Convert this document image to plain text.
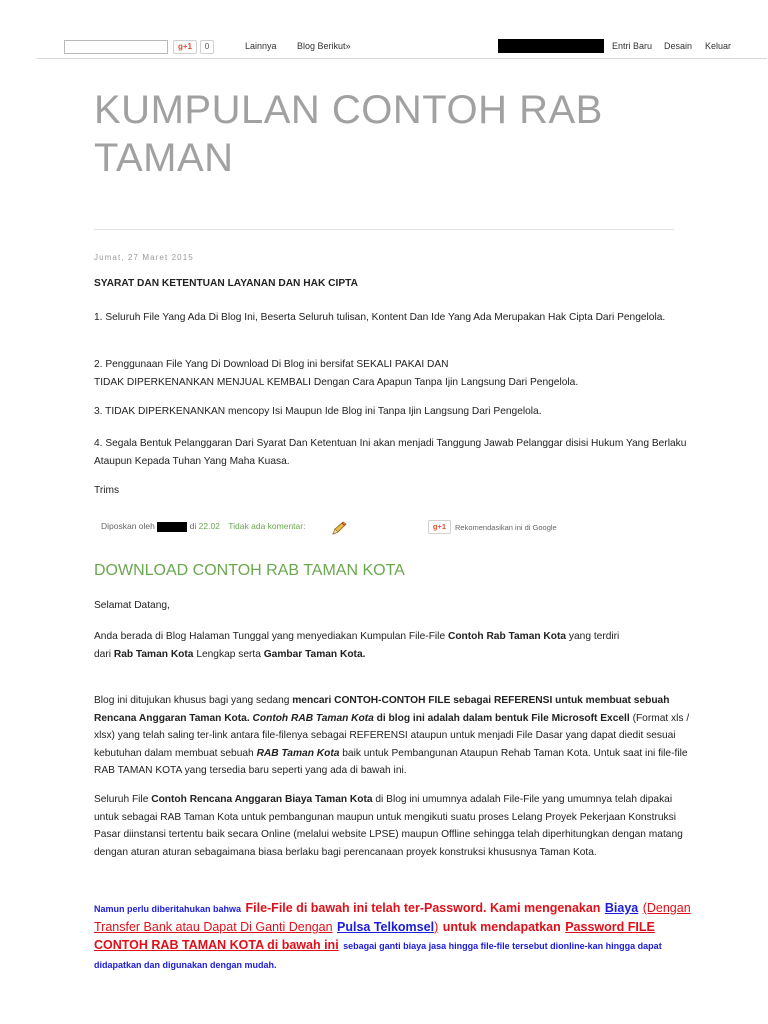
g+1	0	Lainnya Blog Berikut»	Entri Baru Desain Keluar
KUMPULAN CONTOH RAB TAMAN
Jumat, 27 Maret 2015

SYARAT DAN KETENTUAN LAYANAN DAN HAK CIPTA

1. Seluruh File Yang Ada Di Blog Ini, Beserta Seluruh tulisan, Kontent Dan Ide Yang Ada Merupakan Hak Cipta Dari Pengelola.

2. Penggunaan File Yang Di Download Di Blog ini bersifat SEKALI PAKAI DAN
TIDAK DIPERKENANKAN MENJUAL KEMBALI Dengan Cara Apapun Tanpa Ijin Langsung Dari Pengelola.

3. TIDAK DIPERKENANKAN mencopy Isi Maupun Ide Blog ini Tanpa Ijin Langsung Dari Pengelola.

4. Segala Bentuk Pelanggaran Dari Syarat Dan Ketentuan Ini akan menjadi Tanggung Jawab Pelanggar disisi Hukum Yang Berlaku Ataupun Kepada Tuhan Yang Maha Kuasa.

Trims

Diposkan oleh	di 22.02 Tidak ada komentar:	g+1	Rekomendasikan ini di Google
DOWNLOAD CONTOH RAB TAMAN KOTA

Selamat Datang,

Anda berada di Blog Halaman Tunggal yang menyediakan Kumpulan File-File Contoh Rab Taman Kota yang terdiri
dari Rab Taman Kota Lengkap serta Gambar Taman Kota.

Blog ini ditujukan khusus bagi yang sedang mencari CONTOH-CONTOH FILE sebagai REFERENSI untuk membuat sebuah Rencana Anggaran Taman Kota. Contoh RAB Taman Kota di blog ini adalah dalam bentuk File Microsoft Excell (Format xls / xlsx) yang telah saling ter-link antara file-filenya sebagai REFERENSI ataupun untuk menjadi File Dasar yang dapat diedit sesuai kebutuhan dalam membuat sebuah RAB Taman Kota baik untuk Pembangunan Ataupun Rehab Taman Kota. Untuk saat ini file-file RAB TAMAN KOTA yang tersedia baru seperti yang ada di bawah ini.

Seluruh File Contoh Rencana Anggaran Biaya Taman Kota di Blog ini umumnya adalah File-File yang umumnya telah dipakai untuk sebagai RAB Taman Kota untuk pembangunan maupun untuk mengikuti suatu proses Lelang Proyek Pekerjaan Konstruksi Pasar diinstansi tertentu baik secara Online (melalui website LPSE) maupun Offline sehingga telah diperhitungkan dengan matang dengan aturan aturan sebagaimana biasa berlaku bagi perencanaan proyek konstruksi khususnya Taman Kota.

Namun perlu diberitahukan bahwa File-File di bawah ini telah ter-Password. Kami mengenakan Biaya (Dengan Transfer Bank atau Dapat Di Ganti Dengan Pulsa Telkomsel) untuk mendapatkan Password FILE CONTOH RAB TAMAN KOTA di bawah ini sebagai ganti biaya jasa hingga file-file tersebut dionline-kan hingga dapat didapatkan dan digunakan dengan mudah.
